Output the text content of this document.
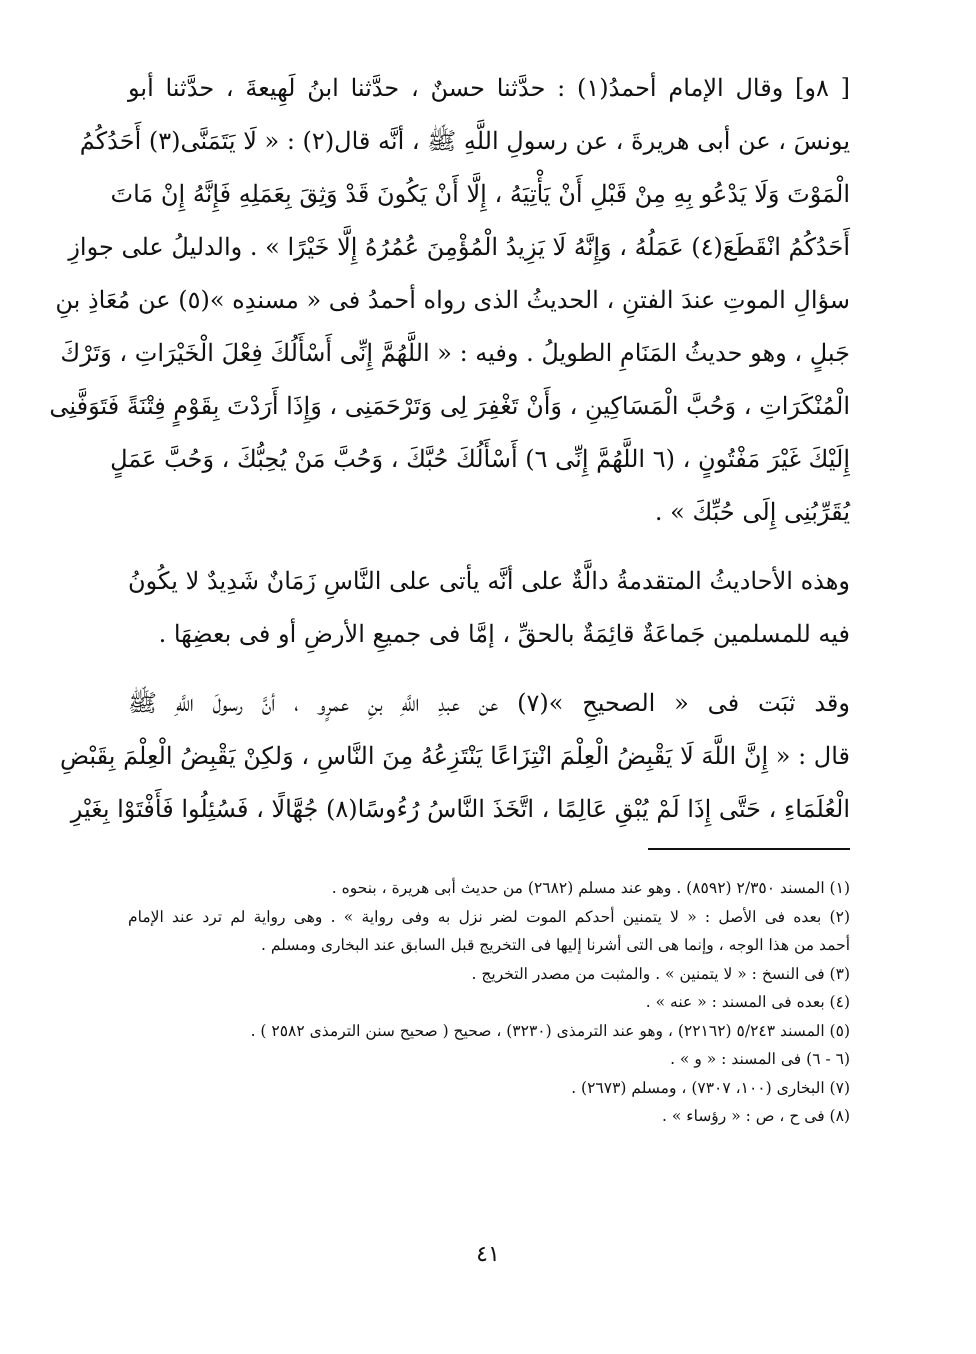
[ ٨و] وقال الإمام أحمدُ(١) : حدَّثنا حسنٌ ، حدَّثنا ابنُ لَهِيعةَ ، حدَّثنا أبو
يونسَ ، عن أبى هريرةَ ، عن رسولِ اللَّهِ ﷺ ، أنَّه قال(٢) : « لَا يَتَمَنَّى(٣) أَحَدُكُمُ
الْمَوْتَ وَلَا يَدْعُو بِهِ مِنْ قَبْلِ أَنْ يَأْتِيَهُ ، إِلَّا أَنْ يَكُونَ قَدْ وَثِقَ بِعَمَلِهِ فَإِنَّهُ إِنْ مَاتَ
أَحَدُكُمُ انْقَطَعَ(٤) عَمَلُهُ ، وَإِنَّهُ لَا يَزِيدُ الْمُؤْمِنَ عُمُرُهُ إِلَّا خَيْرًا » . والدليلُ على جوازِ
سؤالِ الموتِ عندَ الفتنِ ، الحديثُ الذى رواه أحمدُ فى « مسندِه »(٥) عن مُعَاذِ بنِ
جَبلٍ ، وهو حديثُ المَنَامِ الطويلُ . وفيه : « اللَّهُمَّ إِنِّى أَسْأَلُكَ فِعْلَ الْخَيْرَاتِ ، وَتَرْكَ
الْمُنْكَرَاتِ ، وَحُبَّ الْمَسَاكِينِ ، وَأَنْ تَغْفِرَ لِى وَتَرْحَمَنِى ، وَإِذَا أَرَدْتَ بِقَوْمٍ فِتْنَةً فَتَوَفَّنِى
إِلَيْكَ غَيْرَ مَفْتُونٍ ، (٦ اللَّهُمَّ إِنِّى ٦) أَسْأَلُكَ حُبَّكَ ، وَحُبَّ مَنْ يُحِبُّكَ ، وَحُبَّ عَمَلٍ
يُقَرِّبُنِى إِلَى حُبِّكَ » .
وهذه الأحاديثُ المتقدمةُ دالَّةٌ على أنَّه يأتى على النَّاسِ زَمَانٌ شَدِيدٌ لا يكُونُ
فيه للمسلمين جَماعَةٌ قائِمَةٌ بالحقِّ ، إمَّا فى جميعِ الأرضِ أو فى بعضِهَا .
وقد ثبَت فى « الصحيحِ »(٧) عن عبدِ اللَّهِ بنِ عمرٍو ، أنَّ رسولَ اللَّهِ ﷺ
قال : « إِنَّ اللَّهَ لَا يَقْبِضُ الْعِلْمَ انْتِزَاعًا يَنْتَزِعُهُ مِنَ النَّاسِ ، وَلكِنْ يَقْبِضُ الْعِلْمَ بِقَبْضِ
الْعُلَمَاءِ ، حَتَّى إِذَا لَمْ يُبْقِ عَالِمًا ، اتَّخَذَ النَّاسُ رُءُوسًا(٨) جُهَّالًا ، فَسُئِلُوا فَأَفْتَوْا بِغَيْرِ
(١) المسند ٢/٣٥٠ (٨٥٩٢) . وهو عند مسلم (٢٦٨٢) من حديث أبى هريرة ، بنحوه .
(٢) بعده فى الأصل : « لا يتمنين أحدكم الموت لضر نزل به وفى رواية » . وهى رواية لم ترد عند الإمام
أحمد من هذا الوجه ، وإنما هى التى أشرنا إليها فى التخريج قبل السابق عند البخارى ومسلم .
(٣) فى النسخ : « لا يتمنين » . والمثبت من مصدر التخريج .
(٤) بعده فى المسند : « عنه » .
(٥) المسند ٥/٢٤٣ (٢٢١٦٢) ، وهو عند الترمذى (٣٢٣٠) ، صحيح ( صحيح سنن الترمذى ٢٥٨٢ ) .
(٦ - ٦) فى المسند : « و » .
(٧) البخارى (١٠٠، ٧٣٠٧) ، ومسلم (٢٦٧٣) .
(٨) فى ح ، ص : « رؤساء » .
٤١
